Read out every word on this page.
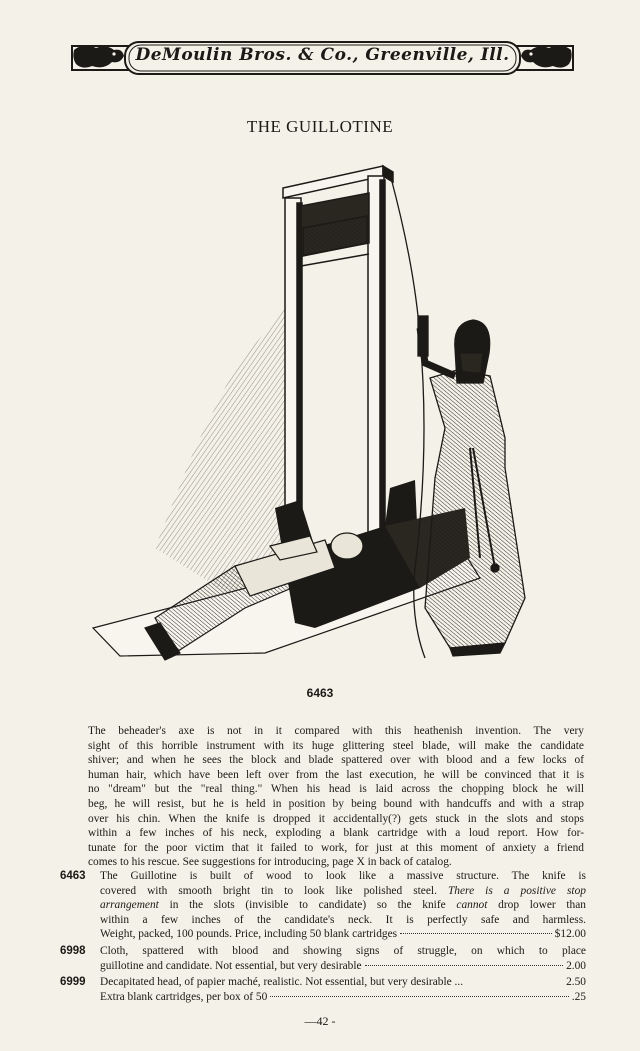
DeMoulin Bros. & Co., Greenville, Ill.
THE GUILLOTINE
6463
The beheader's axe is not in it compared with this heathenish invention. The very
sight of this horrible instrument with its huge glittering steel blade, will make the candidate
shiver; and when he sees the block and blade spattered over with blood and a few locks of
human hair, which have been left over from the last execution, he will be convinced that it is
no "dream" but the "real thing." When his head is laid across the chopping block he will
beg, he will resist, but he is held in position by being bound with handcuffs and with a strap
over his chin. When the knife is dropped it accidentally(?) gets stuck in the slots and stops
within a few inches of his neck, exploding a blank cartridge with a loud report. How for-
tunate for the poor victim that it failed to work, for just at this moment of anxiety a friend
comes to his rescue. See suggestions for introducing, page X in back of catalog.
6463 The Guillotine is built of wood to look like a massive structure. The knife is
covered with smooth bright tin to look like polished steel. There is a positive stop
arrangement in the slots (invisible to candidate) so the knife cannot drop lower than
within a few inches of the candidate's neck. It is perfectly safe and harmless.
Weight, packed, 100 pounds. Price, including 50 blank cartridges	$12.00
6998 Cloth, spattered with blood and showing signs of struggle, on which to place
guillotine and candidate. Not essential, but very desirable	2.00
6999 Decapitated head, of papier maché, realistic. Not essential, but very desirable ...	2.50
Extra blank cartridges, per box of 50	.25
—42 -
